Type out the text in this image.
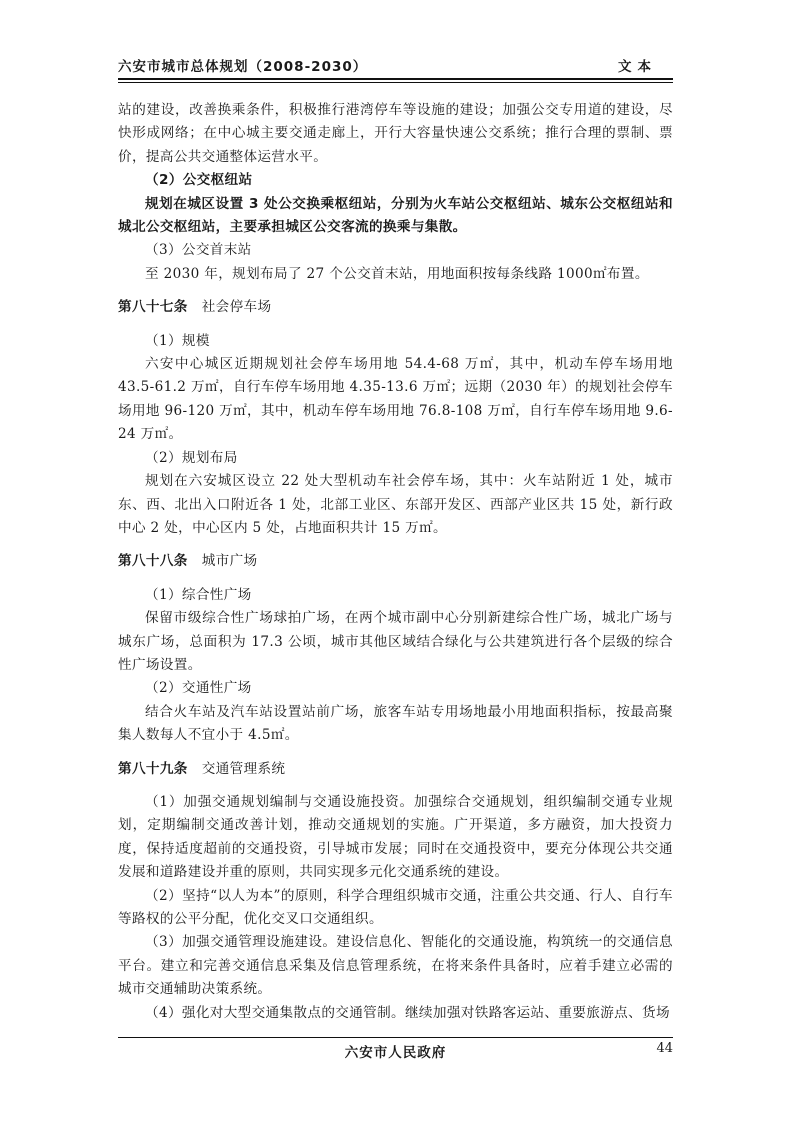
六安市城市总体规划（2008-2030）	文本

站的建设，改善换乘条件，积极推行港湾停车等设施的建设；加强公交专用道的建设，尽快形成网络；在中心城主要交通走廊上，开行大容量快速公交系统；推行合理的票制、票价，提高公共交通整体运营水平。

（2）公交枢纽站

规划在城区设置 3 处公交换乘枢纽站，分别为火车站公交枢纽站、城东公交枢纽站和城北公交枢纽站，主要承担城区公交客流的换乘与集散。

（3）公交首末站

至 2030 年，规划布局了 27 个公交首末站，用地面积按每条线路 1000㎡布置。

第八十七条 社会停车场

（1）规模

六安中心城区近期规划社会停车场用地 54.4-68 万㎡，其中，机动车停车场用地 43.5-61.2 万㎡，自行车停车场用地 4.35-13.6 万㎡；远期（2030 年）的规划社会停车场用地 96-120 万㎡，其中，机动车停车场用地 76.8-108 万㎡，自行车停车场用地 9.6-24 万㎡。

（2）规划布局

规划在六安城区设立 22 处大型机动车社会停车场，其中：火车站附近 1 处，城市东、西、北出入口附近各 1 处，北部工业区、东部开发区、西部产业区共 15 处，新行政中心 2 处，中心区内 5 处，占地面积共计 15 万㎡。

第八十八条 城市广场

（1）综合性广场

保留市级综合性广场球拍广场，在两个城市副中心分别新建综合性广场，城北广场与城东广场，总面积为 17.3 公顷，城市其他区域结合绿化与公共建筑进行各个层级的综合性广场设置。

（2）交通性广场

结合火车站及汽车站设置站前广场，旅客车站专用场地最小用地面积指标，按最高聚集人数每人不宜小于 4.5㎡。

第八十九条 交通管理系统

（1）加强交通规划编制与交通设施投资。加强综合交通规划，组织编制交通专业规划，定期编制交通改善计划，推动交通规划的实施。广开渠道，多方融资，加大投资力度，保持适度超前的交通投资，引导城市发展；同时在交通投资中，要充分体现公共交通发展和道路建设并重的原则，共同实现多元化交通系统的建设。

（2）坚持“以人为本”的原则，科学合理组织城市交通，注重公共交通、行人、自行车等路权的公平分配，优化交叉口交通组织。

（3）加强交通管理设施建设。建设信息化、智能化的交通设施，构筑统一的交通信息平台。建立和完善交通信息采集及信息管理系统，在将来条件具备时，应着手建立必需的城市交通辅助决策系统。

（4）强化对大型交通集散点的交通管制。继续加强对铁路客运站、重要旅游点、货场

六安市人民政府	44
